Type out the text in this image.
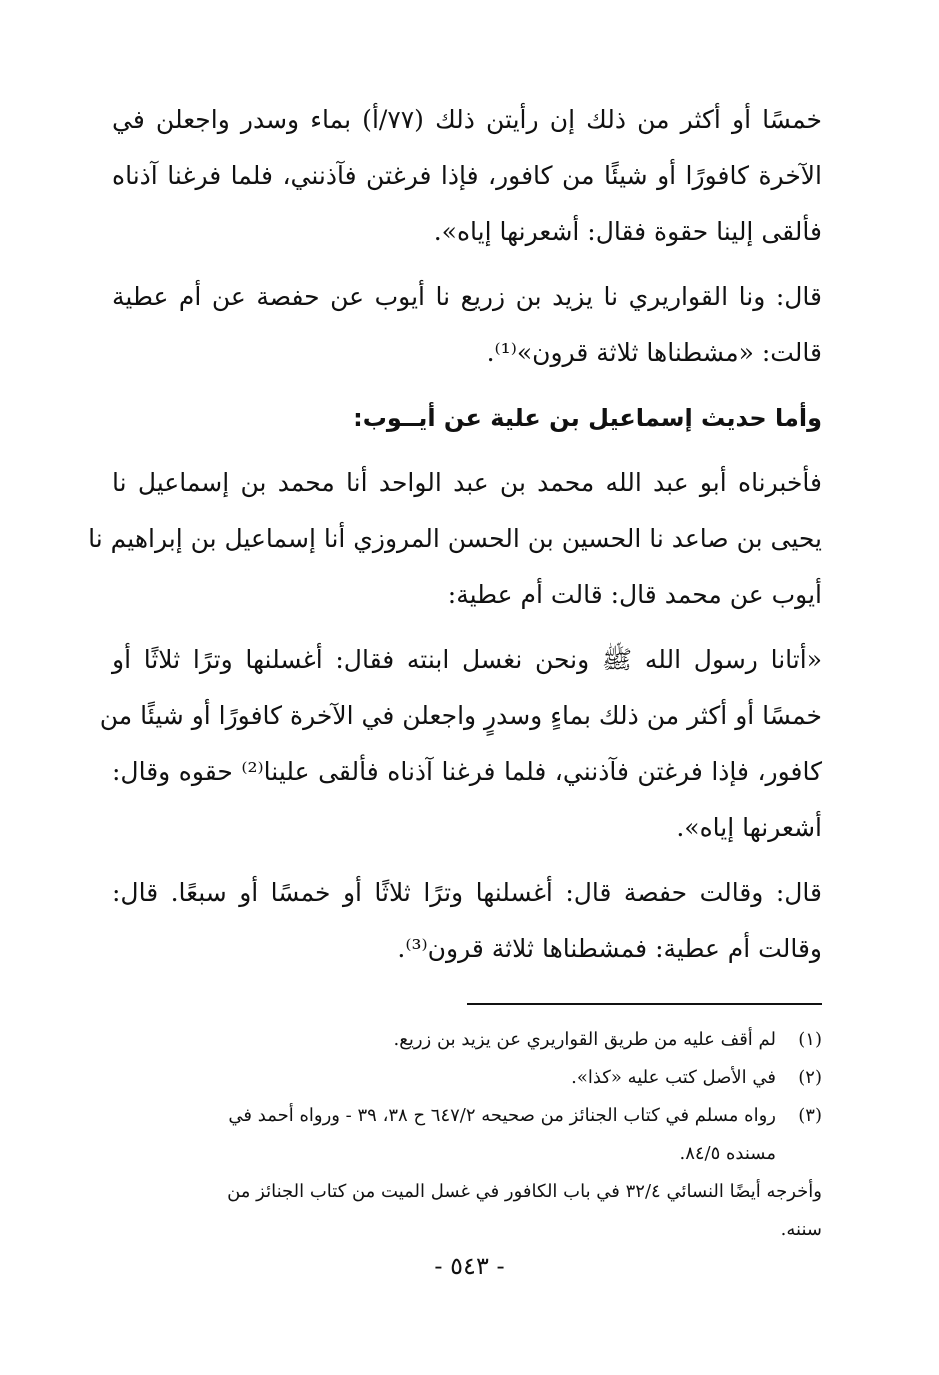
خمسًا أو أكثر من ذلك إن رأيتن ذلك (٧٧/أ) بماء وسدر واجعلن في
الآخرة كافورًا أو شيئًا من كافور، فإذا فرغتن فآذنني، فلما فرغنا آذناه
فألقى إلينا حقوة فقال: أشعرنها إياه».
قال: ونا القواريري نا يزيد بن زريع نا أيوب عن حفصة عن أم عطية
قالت: «مشطناها ثلاثة قرون»⁽¹⁾.
وأما حديث إسماعيل بن علية عن أيــوب:
فأخبرناه أبو عبد الله محمد بن عبد الواحد أنا محمد بن إسماعيل نا
يحيى بن صاعد نا الحسين بن الحسن المروزي أنا إسماعيل بن إبراهيم نا
أيوب عن محمد قال: قالت أم عطية:
«أتانا رسول الله ﷺ ونحن نغسل ابنته فقال: أغسلنها وترًا ثلاثًا أو
خمسًا أو أكثر من ذلك بماءٍ وسدرٍ واجعلن في الآخرة كافورًا أو شيئًا من
كافور، فإذا فرغتن فآذنني، فلما فرغنا آذناه فألقى علينا⁽²⁾ حقوه وقال:
أشعرنها إياه».
قال: وقالت حفصة قال: أغسلنها وترًا ثلاثًا أو خمسًا أو سبعًا. قال:
وقالت أم عطية: فمشطناها ثلاثة قرون⁽³⁾.
(١)
لم أقف عليه من طريق القواريري عن يزيد بن زريع.
(٢)
في الأصل كتب عليه «كذا».
(٣)
رواه مسلم في كتاب الجنائز من صحيحه ٦٤٧/٢ ح ٣٨، ٣٩ - ورواه أحمد في
مسنده ٨٤/٥.
وأخرجه أيضًا النسائي ٣٢/٤ في باب الكافور في غسل الميت من كتاب الجنائز من
سننه.
- ٥٤٣ -
